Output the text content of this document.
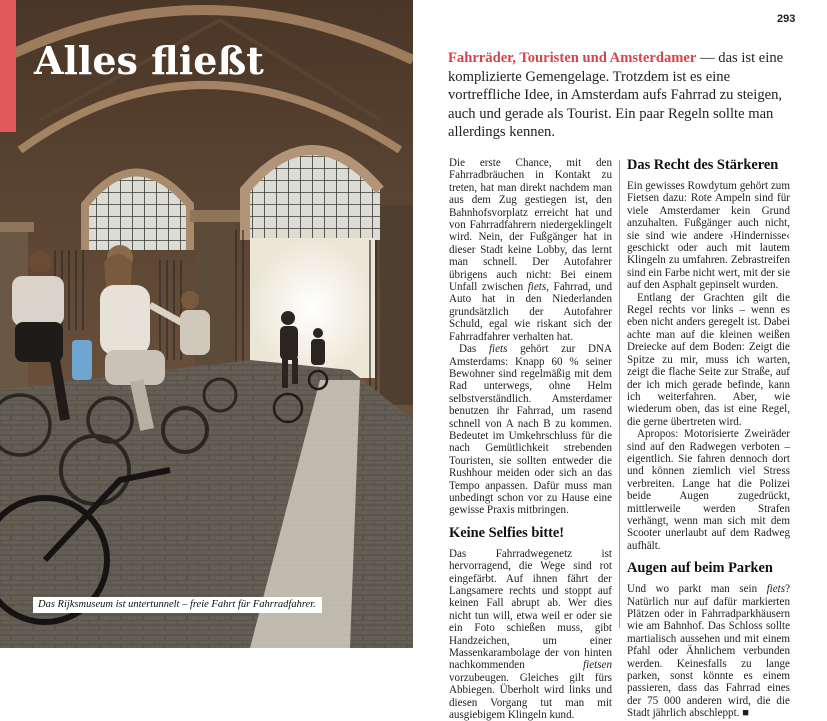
Alles fließt
Das Rijksmuseum ist untertunnelt – freie Fahrt für Fahrradfahrer.
293
Fahrräder, Touristen und Amsterdamer — das ist eine komplizierte Gemengelage. Trotzdem ist es eine vortreffliche Idee, in Amsterdam aufs Fahrrad zu steigen, auch und gerade als Tourist. Ein paar Regeln sollte man allerdings kennen.

Die erste Chance, mit den Fahrradbräuchen in Kontakt zu treten, hat man direkt nachdem man aus dem Zug gestiegen ist, den Bahnhofsvorplatz erreicht hat und von Fahrradfahrern niedergeklingelt wird. Nein, der Fußgänger hat in dieser Stadt keine Lobby, das lernt man schnell. Der Autofahrer übrigens auch nicht: Bei einem Unfall zwischen fiets, Fahrrad, und Auto hat in den Niederlanden grundsätzlich der Autofahrer Schuld, egal wie riskant sich der Fahrradfahrer verhalten hat.

Das fiets gehört zur DNA Amsterdams: Knapp 60 % seiner Bewohner sind regelmäßig mit dem Rad unterwegs, ohne Helm selbstverständlich. Amsterdamer benutzen ihr Fahrrad, um rasend schnell von A nach B zu kommen. Bedeutet im Umkehrschluss für die nach Gemütlichkeit strebenden Touristen, sie sollten entweder die Rushhour meiden oder sich an das Tempo anpassen. Dafür muss man unbedingt schon vor zu Hause eine gewisse Praxis mitbringen.

Keine Selfies bitte!

Das Fahrradwegenetz ist hervorragend, die Wege sind rot eingefärbt. Auf ihnen fährt der Langsamere rechts und stoppt auf keinen Fall abrupt ab. Wer dies nicht tun will, etwa weil er oder sie ein Foto schießen muss, gibt Handzeichen, um einer Massenkarambolage der von hinten nachkommenden fietsen vorzubeugen. Gleiches gilt fürs Abbiegen. Überholt wird links und diesen Vorgang tut man mit ausgiebigem Klingeln kund.

Das Recht des Stärkeren

Ein gewisses Rowdytum gehört zum Fietsen dazu: Rote Ampeln sind für viele Amsterdamer kein Grund anzuhalten. Fußgänger auch nicht, sie sind wie andere ›Hindernisse‹ geschickt oder auch mit lautem Klingeln zu umfahren. Zebrastreifen sind ein Farbe nicht wert, mit der sie auf den Asphalt gepinselt wurden.

Entlang der Grachten gilt die Regel rechts vor links – wenn es eben nicht anders geregelt ist. Dabei achte man auf die kleinen weißen Dreiecke auf dem Boden: Zeigt die Spitze zu mir, muss ich warten, zeigt die flache Seite zur Straße, auf der ich mich gerade befinde, kann ich weiterfahren. Aber, wie wiederum oben, das ist eine Regel, die gerne übertreten wird.

Apropos: Motorisierte Zweiräder sind auf den Radwegen verboten – eigentlich. Sie fahren dennoch dort und können ziemlich viel Stress verbreiten. Lange hat die Polizei beide Augen zugedrückt, mittlerweile werden Strafen verhängt, wenn man sich mit dem Scooter unerlaubt auf dem Radweg aufhält.

Augen auf beim Parken

Und wo parkt man sein fiets? Natürlich nur auf dafür markierten Plätzen oder in Fahrradparkhäusern wie am Bahnhof. Das Schloss sollte martialisch aussehen und mit einem Pfahl oder Ähnlichem verbunden werden. Keinesfalls zu lange parken, sonst könnte es einem passieren, dass das Fahrrad eines der 75 000 anderen wird, die die Stadt jährlich abschleppt. ■
